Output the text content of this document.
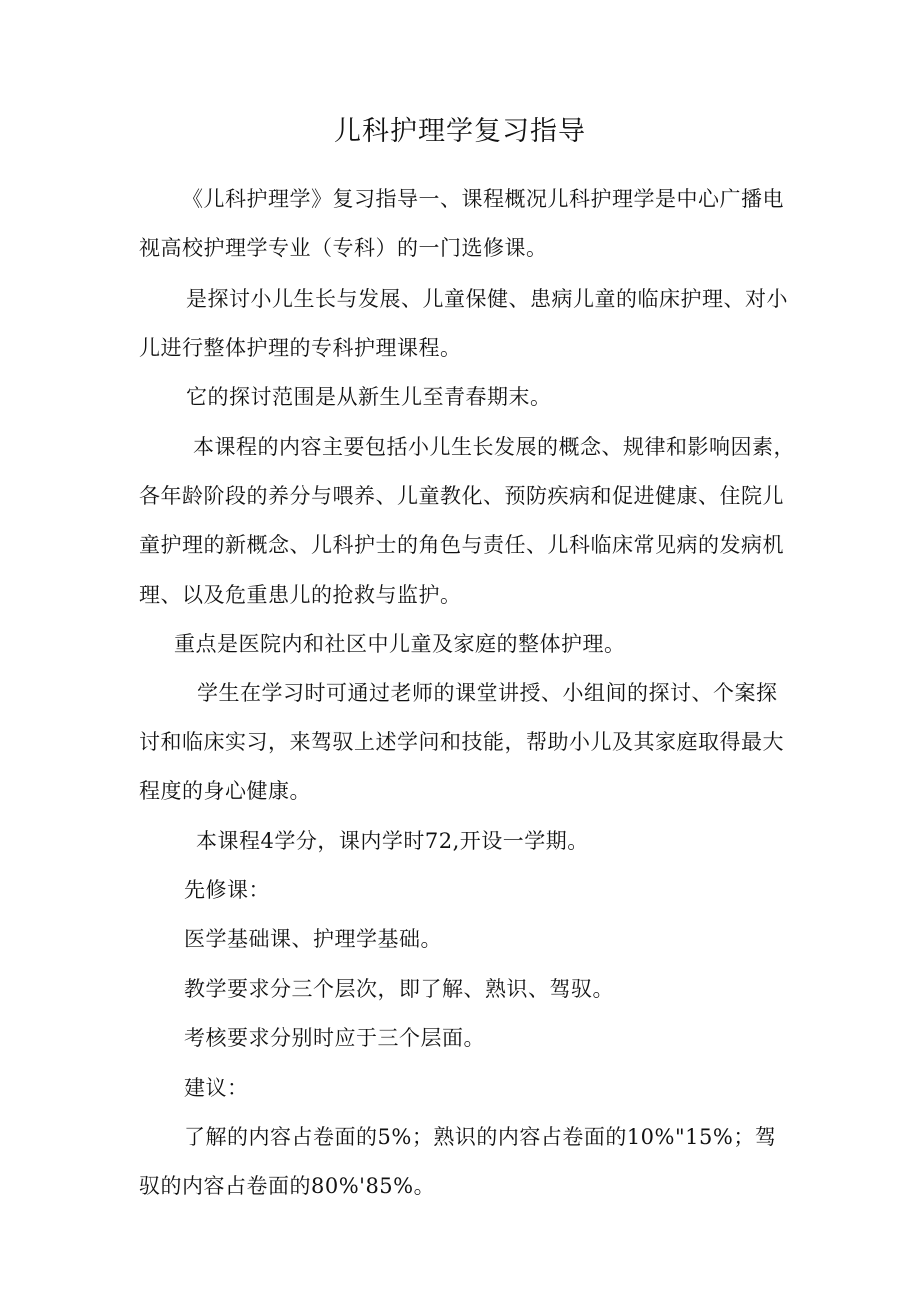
儿科护理学复习指导
《儿科护理学》复习指导一、课程概况儿科护理学是中心广播电
视高校护理学专业（专科）的一门选修课。
是探讨小儿生长与发展、儿童保健、患病儿童的临床护理、对小
儿进行整体护理的专科护理课程。
它的探讨范围是从新生儿至青春期末。
本课程的内容主要包括小儿生长发展的概念、规律和影响因素，
各年龄阶段的养分与喂养、儿童教化、预防疾病和促进健康、住院儿
童护理的新概念、儿科护士的角色与责任、儿科临床常见病的发病机
理、以及危重患儿的抢救与监护。
重点是医院内和社区中儿童及家庭的整体护理。
学生在学习时可通过老师的课堂讲授、小组间的探讨、个案探
讨和临床实习，来驾驭上述学问和技能，帮助小儿及其家庭取得最大
程度的身心健康。
本课程4学分，课内学时72,开设一学期。
先修课：
医学基础课、护理学基础。
教学要求分三个层次，即了解、熟识、驾驭。
考核要求分别时应于三个层面。
建议：
了解的内容占卷面的5%；熟识的内容占卷面的10%"15%；驾
驭的内容占卷面的80%'85%。
